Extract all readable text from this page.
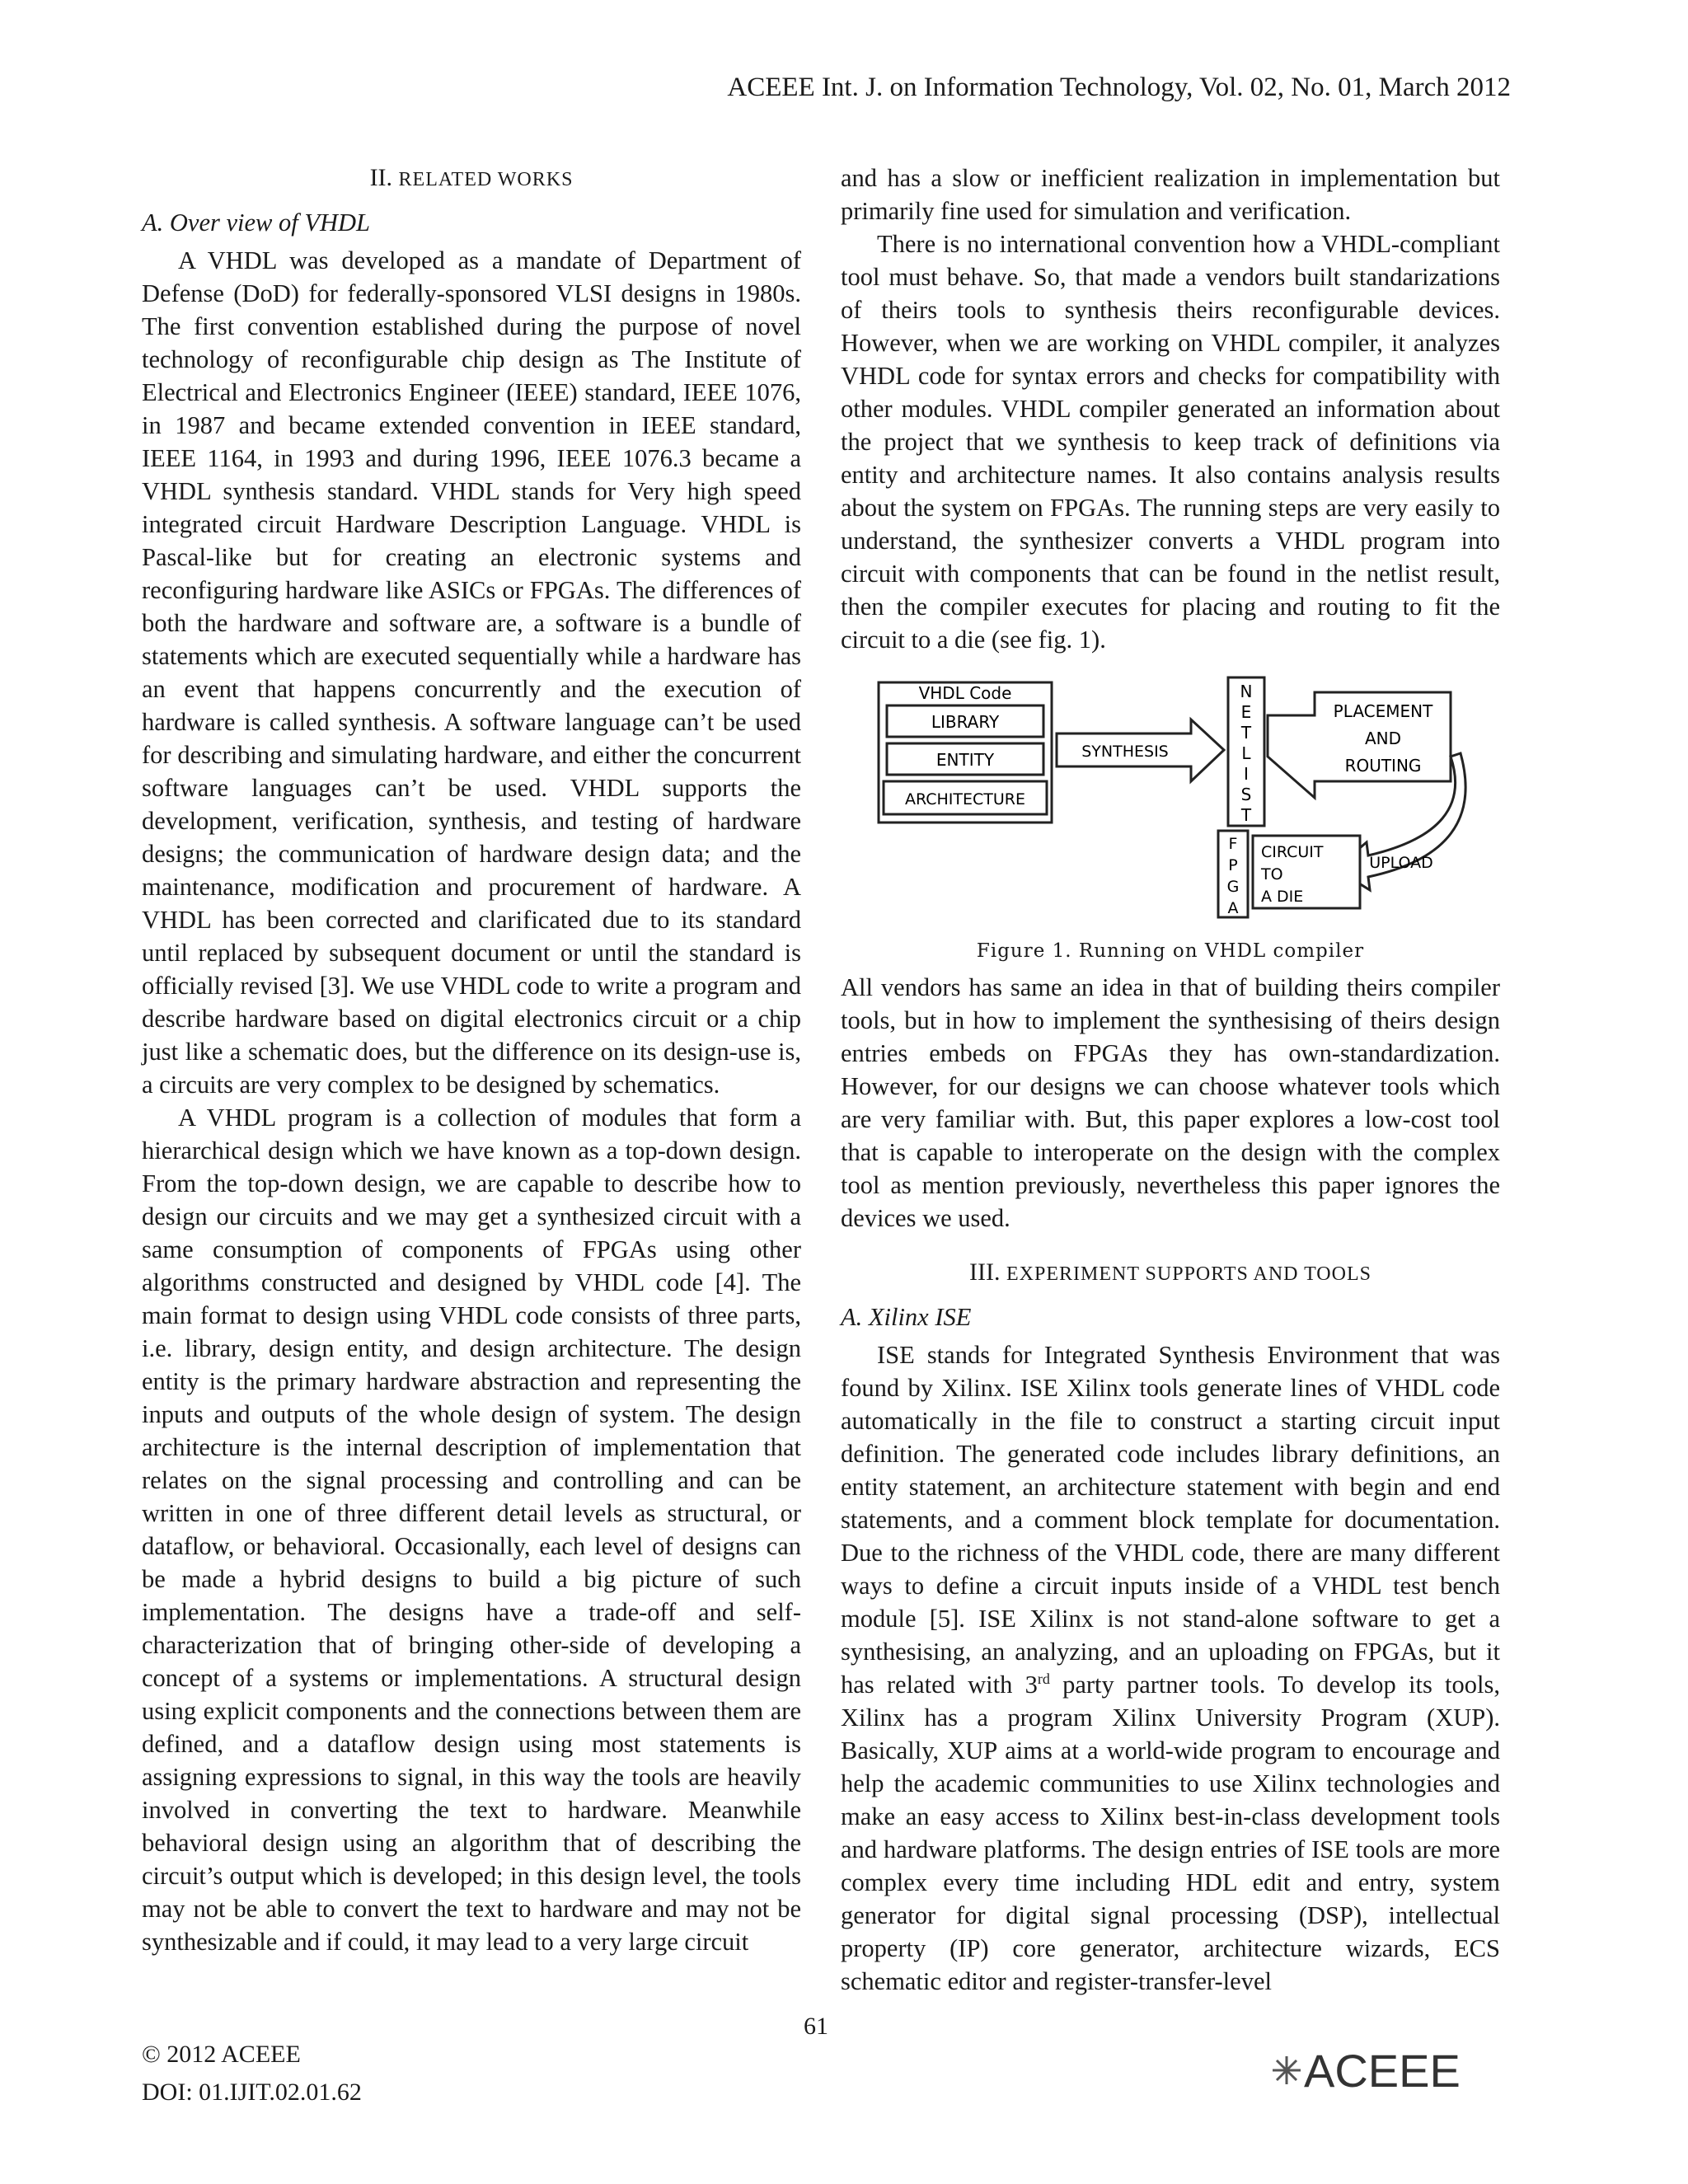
ACEEE Int. J. on Information Technology, Vol. 02, No. 01, March 2012
II. RELATED WORKS
A. Over view of VHDL

A VHDL was developed as a mandate of Department of Defense (DoD) for federally-sponsored VLSI designs in 1980s. The first convention established during the purpose of novel technology of reconfigurable chip design as The Institute of Electrical and Electronics Engineer (IEEE) standard, IEEE 1076, in 1987 and became extended convention in IEEE standard, IEEE 1164, in 1993 and during 1996, IEEE 1076.3 became a VHDL synthesis standard. VHDL stands for Very high speed integrated circuit Hardware Description Language. VHDL is Pascal-like but for creating an electronic systems and reconfiguring hardware like ASICs or FPGAs. The differences of both the hardware and software are, a software is a bundle of statements which are executed sequentially while a hardware has an event that happens concurrently and the execution of hardware is called synthesis. A software language can’t be used for describing and simulating hardware, and either the concurrent software languages can’t be used. VHDL supports the development, verification, synthesis, and testing of hardware designs; the communication of hardware design data; and the maintenance, modification and procurement of hardware. A VHDL has been corrected and clarificated due to its standard until replaced by subsequent document or until the standard is officially revised [3]. We use VHDL code to write a program and describe hardware based on digital electronics circuit or a chip just like a schematic does, but the difference on its design-use is, a circuits are very complex to be designed by schematics.

A VHDL program is a collection of modules that form a hierarchical design which we have known as a top-down design. From the top-down design, we are capable to describe how to design our circuits and we may get a synthesized circuit with a same consumption of components of FPGAs using other algorithms constructed and designed by VHDL code [4]. The main format to design using VHDL code consists of three parts, i.e. library, design entity, and design architecture. The design entity is the primary hardware abstraction and representing the inputs and outputs of the whole design of system. The design architecture is the internal description of implementation that relates on the signal processing and controlling and can be written in one of three different detail levels as structural, or dataflow, or behavioral. Occasionally, each level of designs can be made a hybrid designs to build a big picture of such implementation. The designs have a trade-off and self-characterization that of bringing other-side of developing a concept of a systems or implementations. A structural design using explicit components and the connections between them are defined, and a dataflow design using most statements is assigning expressions to signal, in this way the tools are heavily involved in converting the text to hardware. Meanwhile behavioral design using an algorithm that of describing the circuit’s output which is developed; in this design level, the tools may not be able to convert the text to hardware and may not be synthesizable and if could, it may lead to a very large circuit

and has a slow or inefficient realization in implementation but primarily fine used for simulation and verification.

There is no international convention how a VHDL-compliant tool must behave. So, that made a vendors built standarizations of theirs tools to synthesis theirs reconfigurable devices. However, when we are working on VHDL compiler, it analyzes VHDL code for syntax errors and checks for compatibility with other modules. VHDL compiler generated an information about the project that we synthesis to keep track of definitions via entity and architecture names. It also contains analysis results about the system on FPGAs. The running steps are very easily to understand, the synthesizer converts a VHDL program into circuit with components that can be found in the netlist result, then the compiler executes for placing and routing to fit the circuit to a die (see fig. 1).

VHDL Code
LIBRARY
ENTITY
ARCHITECTURE
SYNTHESIS
N
E
T
L
I
S
T
PLACEMENT
AND
ROUTING
UPLOAD
F
P
G
A
CIRCUIT
TO
A DIE
Figure 1. Running on VHDL compiler

All vendors has same an idea in that of building theirs compiler tools, but in how to implement the synthesising of theirs design entries embeds on FPGAs they has own-standardization. However, for our designs we can choose whatever tools which are very familiar with. But, this paper explores a low-cost tool that is capable to interoperate on the design with the complex tool as mention previously, nevertheless this paper ignores the devices we used.

III. EXPERIMENT SUPPORTS AND TOOLS
A. Xilinx ISE

ISE stands for Integrated Synthesis Environment that was found by Xilinx. ISE Xilinx tools generate lines of VHDL code automatically in the file to construct a starting circuit input definition. The generated code includes library definitions, an entity statement, an architecture statement with begin and end statements, and a comment block template for documentation. Due to the richness of the VHDL code, there are many different ways to define a circuit inputs inside of a VHDL test bench module [5]. ISE Xilinx is not stand-alone software to get a synthesising, an analyzing, and an uploading on FPGAs, but it has related with 3rd party partner tools. To develop its tools, Xilinx has a program Xilinx University Program (XUP). Basically, XUP aims at a world-wide program to encourage and help the academic communities to use Xilinx technologies and make an easy access to Xilinx best-in-class development tools and hardware platforms. The design entries of ISE tools are more complex every time including HDL edit and entry, system generator for digital signal processing (DSP), intellectual property (IP) core generator, architecture wizards, ECS schematic editor and register-transfer-level

61
© 2012 ACEEE
DOI: 01.IJIT.02.01.62	ACEEE
